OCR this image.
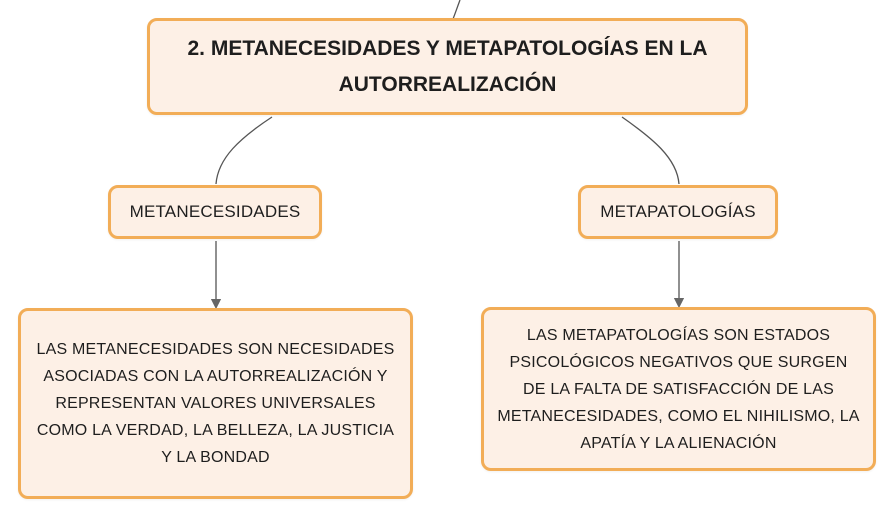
2. METANECESIDADES Y METAPATOLOGÍAS EN LA
AUTORREALIZACIÓN
METANECESIDADES	METAPATOLOGÍAS
LAS METANECESIDADES SON NECESIDADES ASOCIADAS CON LA AUTORREALIZACIÓN Y REPRESENTAN VALORES UNIVERSALES COMO LA VERDAD, LA BELLEZA, LA JUSTICIA Y LA BONDAD
LAS METAPATOLOGÍAS SON ESTADOS PSICOLÓGICOS NEGATIVOS QUE SURGEN DE LA FALTA DE SATISFACCIÓN DE LAS METANECESIDADES, COMO EL NIHILISMO, LA APATÍA Y LA ALIENACIÓN
